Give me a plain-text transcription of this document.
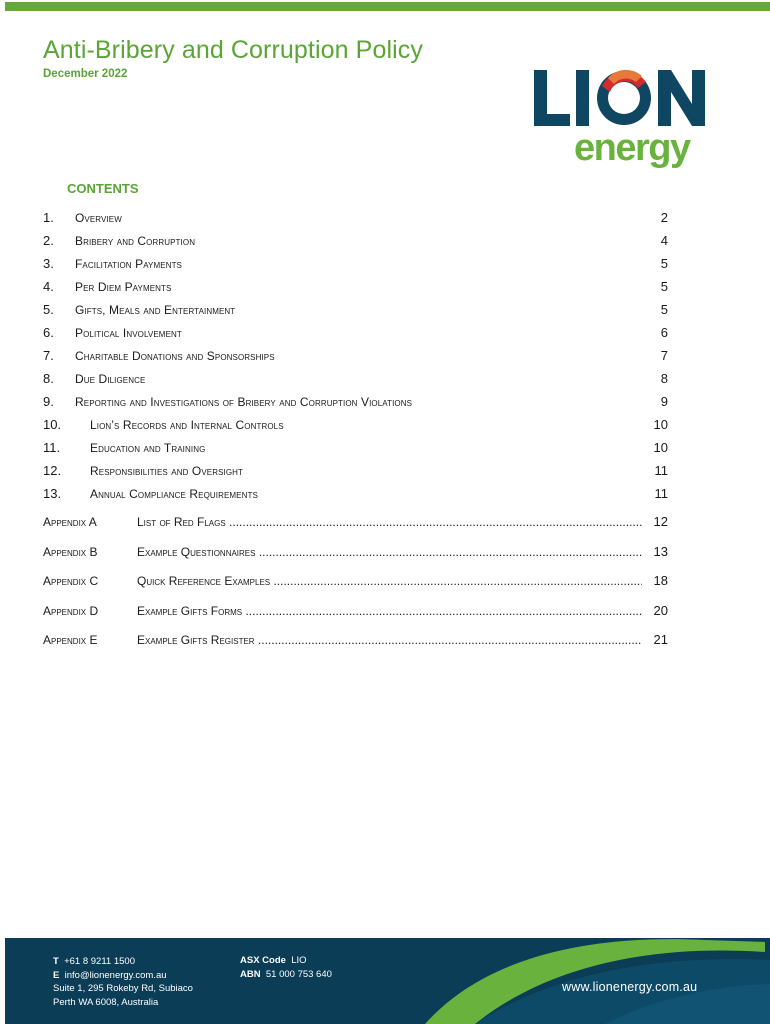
Anti-Bribery and Corruption Policy
December 2022
energy
CONTENTS
1. Overview	2
2. Bribery and Corruption	4
3. Facilitation Payments	5
4. Per Diem Payments	5
5. Gifts, Meals and Entertainment	5
6. Political Involvement	6
7. Charitable Donations and Sponsorships	7
8. Due Diligence	8
9. Reporting and Investigations of Bribery and Corruption Violations	9
10. Lion’s Records and Internal Controls	10
11. Education and Training	10
12. Responsibilities and Oversight	11
13. Annual Compliance Requirements	11
Appendix A	List of Red Flags .....	12
Appendix B	Example Questionnaires .....	13
Appendix C	Quick Reference Examples .....	18
Appendix D	Example Gifts Forms .....	20
Appendix E	Example Gifts Register .....	21
T +61 8 9211 1500
E info@lionenergy.com.au
Suite 1, 295 Rokeby Rd, Subiaco
Perth WA 6008, Australia
ASX Code LIO
ABN 51 000 753 640
www.lionenergy.com.au
